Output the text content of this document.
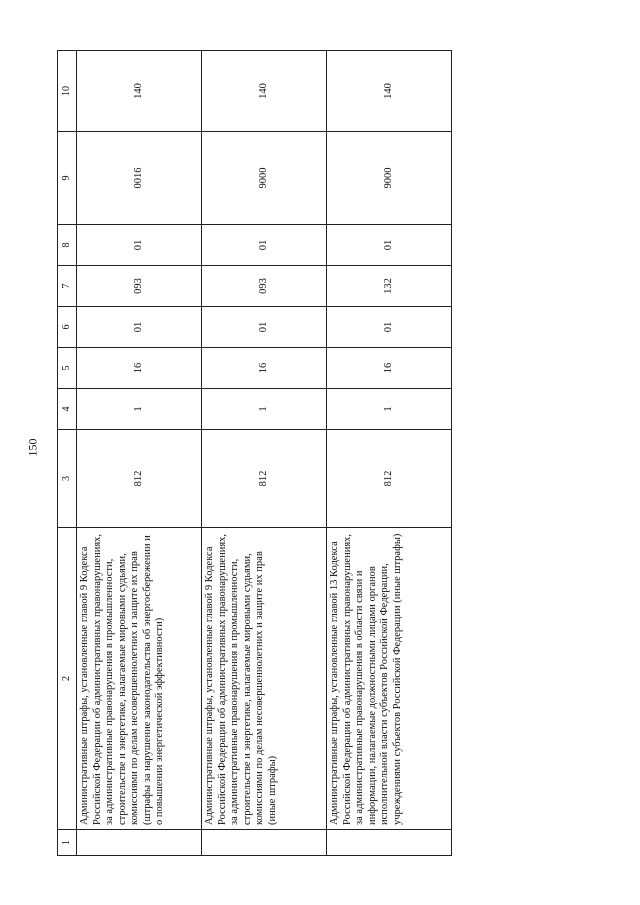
150
1	2	3	4	5	6	7	8	9	10
	Административные штрафы, установленные главой 9 Кодекса Российской Федерации об административных правонарушениях, за административные правонарушения в промышленности, строительстве и энергетике, налагаемые мировыми судьями, комиссиями по делам несовершеннолетних и защите их прав (штрафы за нарушение законодательства об энергосбережении и о повышении энергетической эффективности)	812	1	16	01	093	01	0016	140
	Административные штрафы, установленные главой 9 Кодекса Российской Федерации об административных правонарушениях, за административные правонарушения в промышленности, строительстве и энергетике, налагаемые мировыми судьями, комиссиями по делам несовершеннолетних и защите их прав (иные штрафы)	812	1	16	01	093	01	9000	140
	Административные штрафы, установленные главой 13 Кодекса Российской Федерации об административных правонарушениях, за административные правонарушения в области связи и информации, налагаемые должностными лицами органов исполнительной власти субъектов Российской Федерации, учреждениями субъектов Российской Федерации (иные штрафы)	812	1	16	01	132	01	9000	140
